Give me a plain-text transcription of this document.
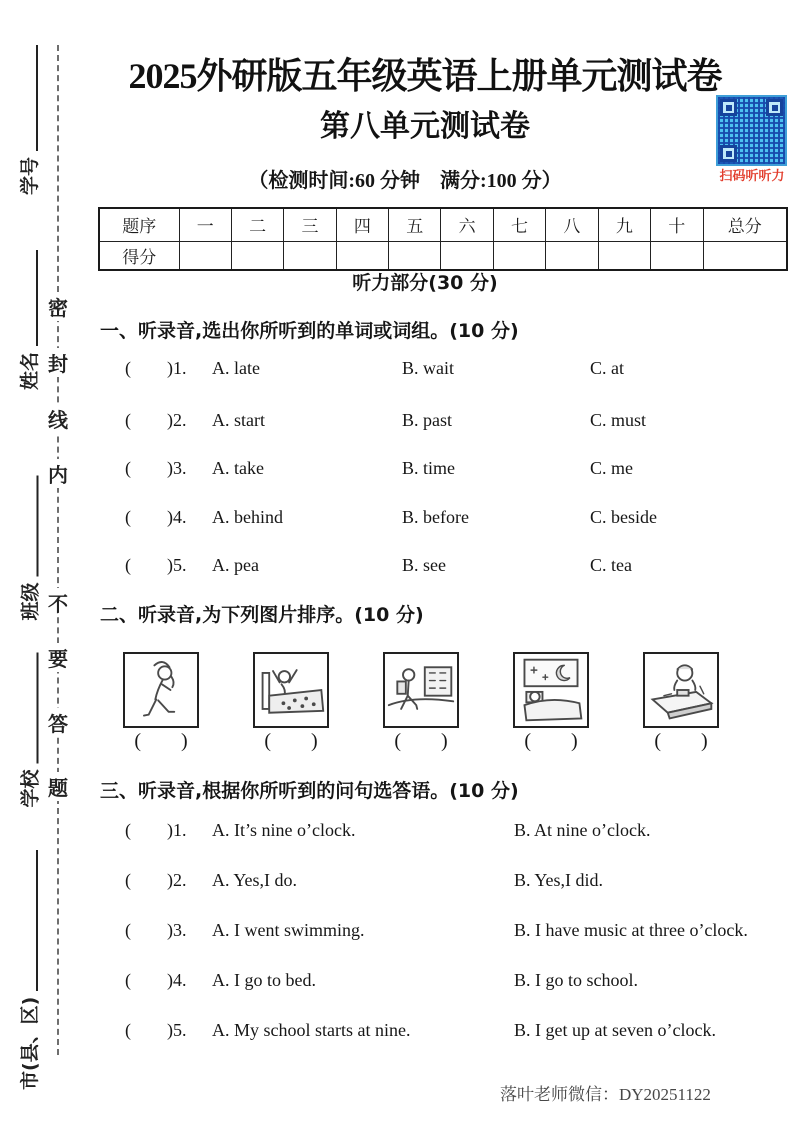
密
封
线
内
不
要
答
题
学号
姓名
班级
学校
市(县、区)
2025外研版五年级英语上册单元测试卷
第八单元测试卷
（检测时间:60 分钟　满分:100 分）	扫码听听力
题序	一	二	三	四	五	六	七	八	九	十	总分
得分											
听力部分(30 分)
一、听录音,选出你所听到的单词或词组。(10 分)
(        )1. A. late	B. wait	C. at
(        )2. A. start	B. past	C. must
(        )3. A. take	B. time	C. me
(        )4. A. behind	B. before	C. beside
(        )5. A. pea	B. see	C. tea
二、听录音,为下列图片排序。(10 分)
(        )	(        )	(        )	(        )	(        )
三、听录音,根据你所听到的问句选答语。(10 分)
(        )1. A. It’s nine o’clock.	B. At nine o’clock.
(        )2. A. Yes,I do.	B. Yes,I did.
(        )3. A. I went swimming.	B. I have music at three o’clock.
(        )4. A. I go to bed.	B. I go to school.
(        )5. A. My school starts at nine.	B. I get up at seven o’clock.
落叶老师微信：DY20251122
